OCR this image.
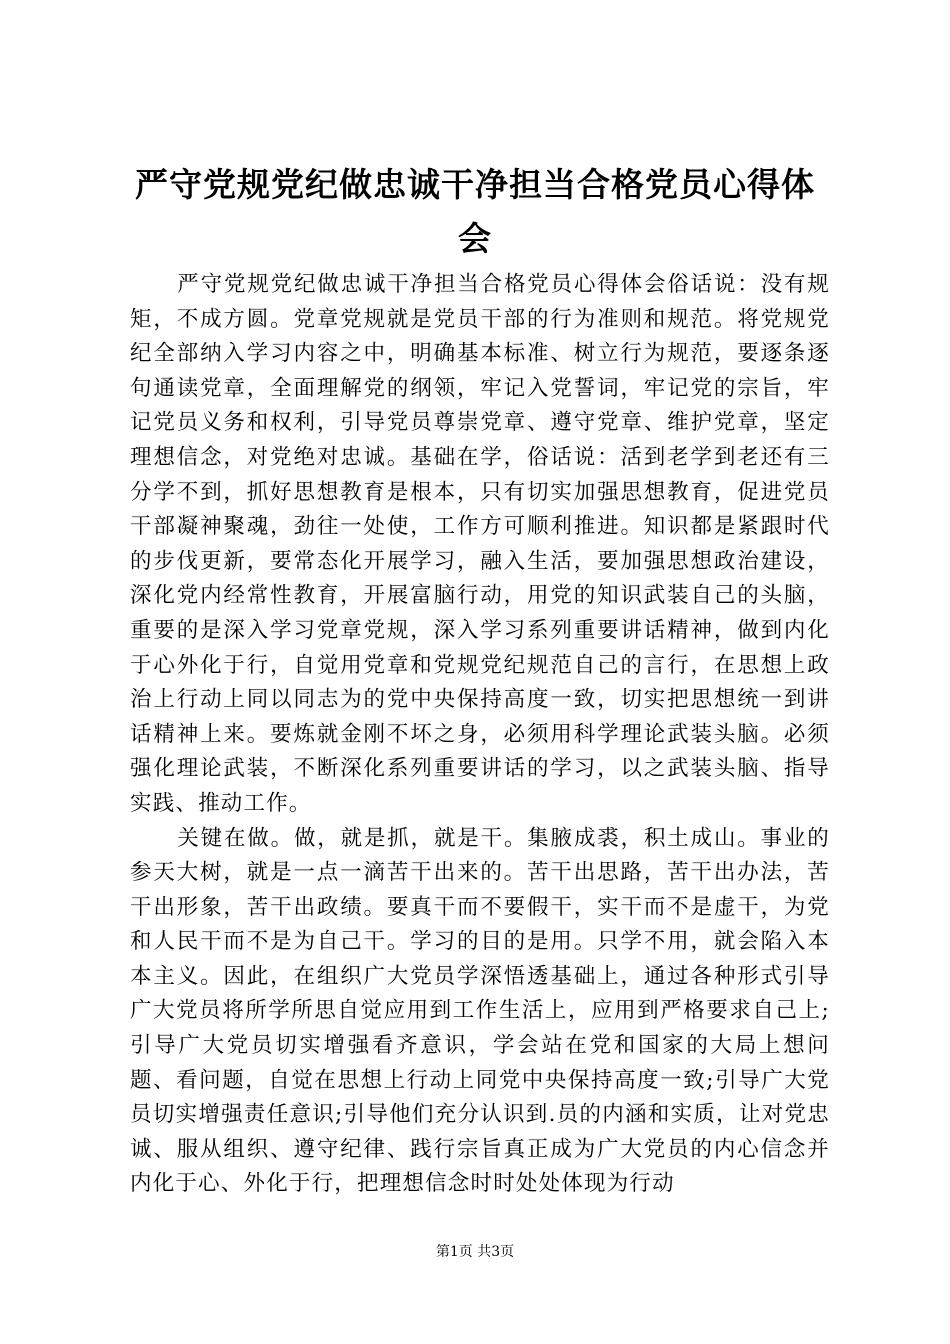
严守党规党纪做忠诚干净担当合格党员心得体会

严守党规党纪做忠诚干净担当合格党员心得体会俗话说：没有规矩，不成方圆。党章党规就是党员干部的行为准则和规范。将党规党纪全部纳入学习内容之中，明确基本标准、树立行为规范，要逐条逐句通读党章，全面理解党的纲领，牢记入党誓词，牢记党的宗旨，牢记党员义务和权利，引导党员尊崇党章、遵守党章、维护党章，坚定理想信念，对党绝对忠诚。基础在学，俗话说：活到老学到老还有三分学不到，抓好思想教育是根本，只有切实加强思想教育，促进党员干部凝神聚魂，劲往一处使，工作方可顺利推进。知识都是紧跟时代的步伐更新，要常态化开展学习，融入生活，要加强思想政治建设，深化党内经常性教育，开展富脑行动，用党的知识武装自己的头脑，重要的是深入学习党章党规，深入学习系列重要讲话精神，做到内化于心外化于行，自觉用党章和党规党纪规范自己的言行，在思想上政治上行动上同以同志为的党中央保持高度一致，切实把思想统一到讲话精神上来。要炼就金刚不坏之身，必须用科学理论武装头脑。必须强化理论武装，不断深化系列重要讲话的学习，以之武装头脑、指导实践、推动工作。

关键在做。做，就是抓，就是干。集腋成裘，积土成山。事业的参天大树，就是一点一滴苦干出来的。苦干出思路，苦干出办法，苦干出形象，苦干出政绩。要真干而不要假干，实干而不是虚干，为党和人民干而不是为自己干。学习的目的是用。只学不用，就会陷入本本主义。因此，在组织广大党员学深悟透基础上，通过各种形式引导广大党员将所学所思自觉应用到工作生活上，应用到严格要求自己上;引导广大党员切实增强看齐意识，学会站在党和国家的大局上想问题、看问题，自觉在思想上行动上同党中央保持高度一致;引导广大党员切实增强责任意识;引导他们充分认识到.员的内涵和实质，让对党忠诚、服从组织、遵守纪律、践行宗旨真正成为广大党员的内心信念并内化于心、外化于行，把理想信念时时处处体现为行动

第1页 共3页
